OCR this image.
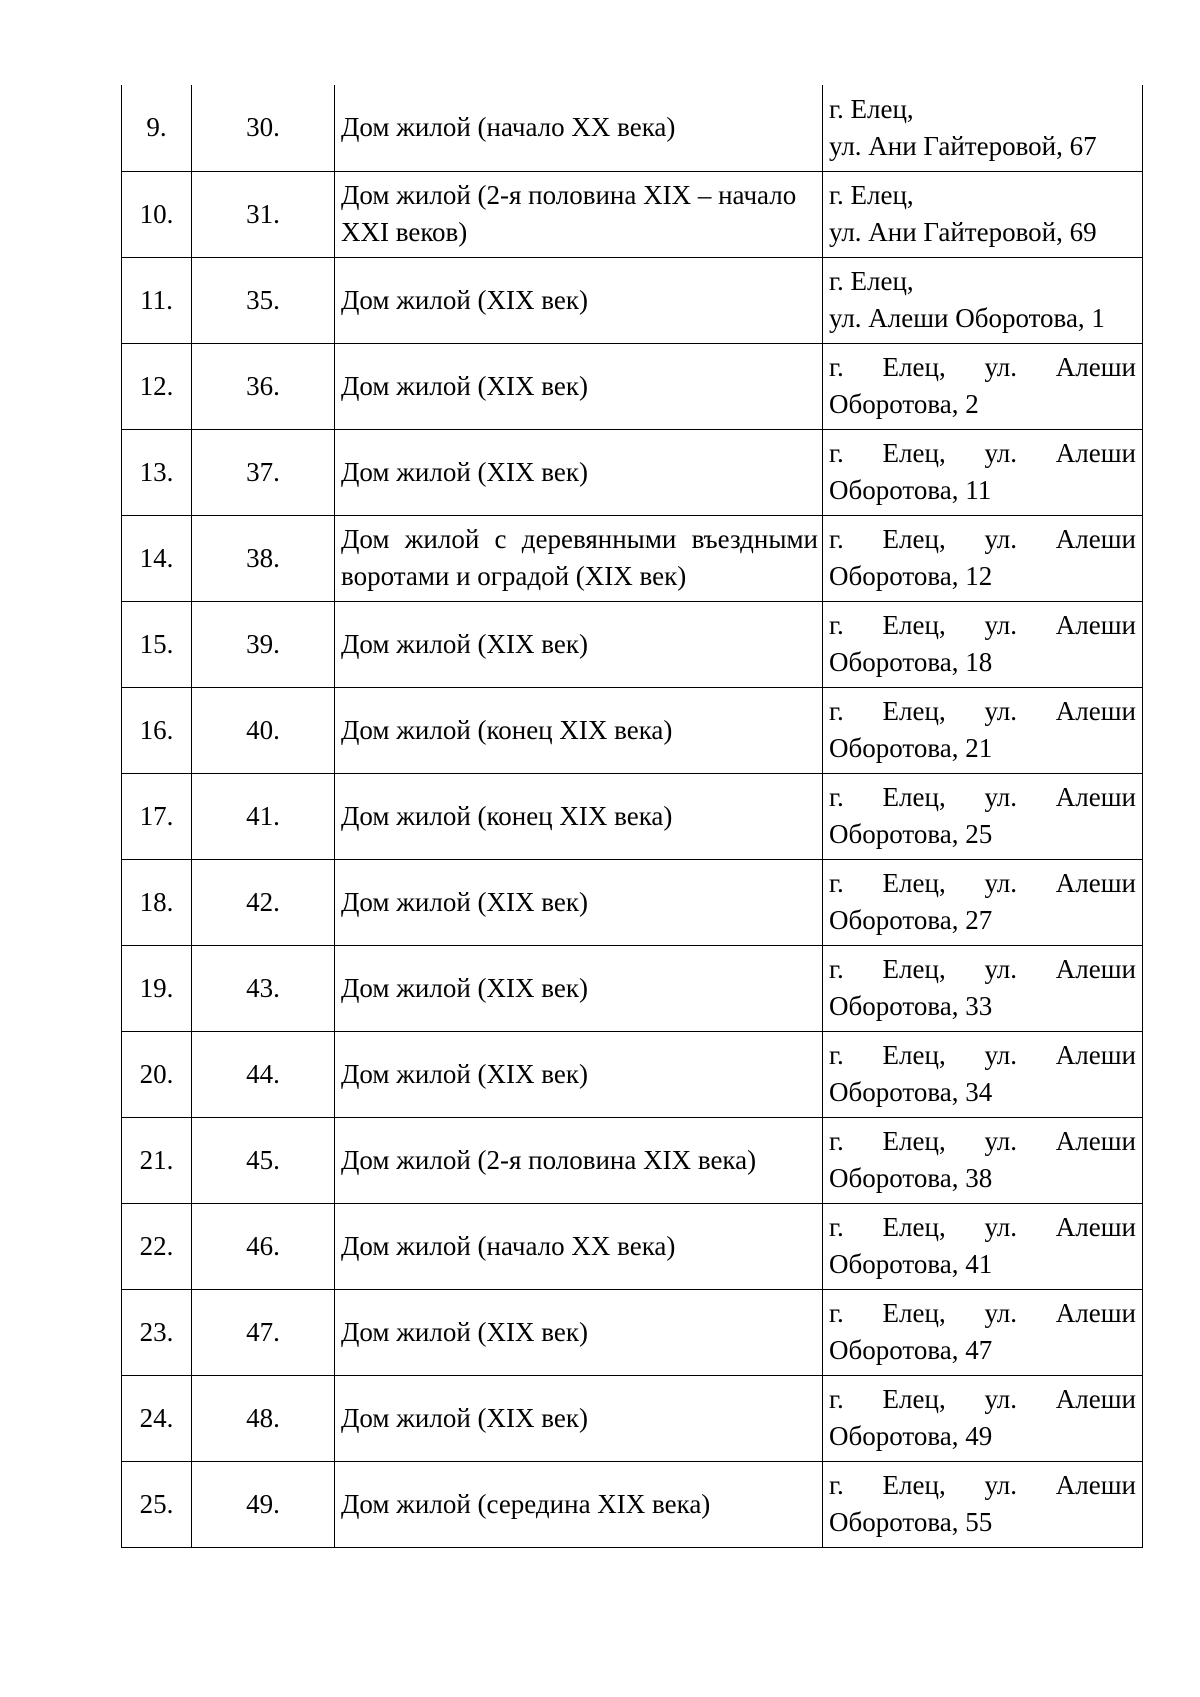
9.	30.	Дом жилой (начало XX века)	г. Елец,
ул. Ани Гайтеровой, 67
10.	31.	Дом жилой (2-я половина XIX – начало XXI веков)	г. Елец,
ул. Ани Гайтеровой, 69
11.	35.	Дом жилой (XIX век)	г. Елец,
ул. Алеши Оборотова, 1
12.	36.	Дом жилой (XIX век)	г. Елец, ул. Алеши Оборотова, 2

13.	37.	Дом жилой (XIX век)	г. Елец, ул. Алеши Оборотова, 11

14.	38.	Дом жилой с деревянными въездными воротами и оградой (XIX век)	г. Елец, ул. Алеши Оборотова, 12

15.	39.	Дом жилой (XIX век)	г. Елец, ул. Алеши Оборотова, 18

16.	40.	Дом жилой (конец XIX века)	г. Елец, ул. Алеши Оборотова, 21

17.	41.	Дом жилой (конец XIX века)	г. Елец, ул. Алеши Оборотова, 25

18.	42.	Дом жилой (XIX век)	г. Елец, ул. Алеши Оборотова, 27

19.	43.	Дом жилой (XIX век)	г. Елец, ул. Алеши Оборотова, 33

20.	44.	Дом жилой (XIX век)	г. Елец, ул. Алеши Оборотова, 34

21.	45.	Дом жилой (2-я половина XIX века)	г. Елец, ул. Алеши Оборотова, 38

22.	46.	Дом жилой (начало XX века)	г. Елец, ул. Алеши Оборотова, 41

23.	47.	Дом жилой (XIX век)	г. Елец, ул. Алеши Оборотова, 47

24.	48.	Дом жилой (XIX век)	г. Елец, ул. Алеши Оборотова, 49

25.	49.	Дом жилой (середина XIX века)	г. Елец, ул. Алеши Оборотова, 55
